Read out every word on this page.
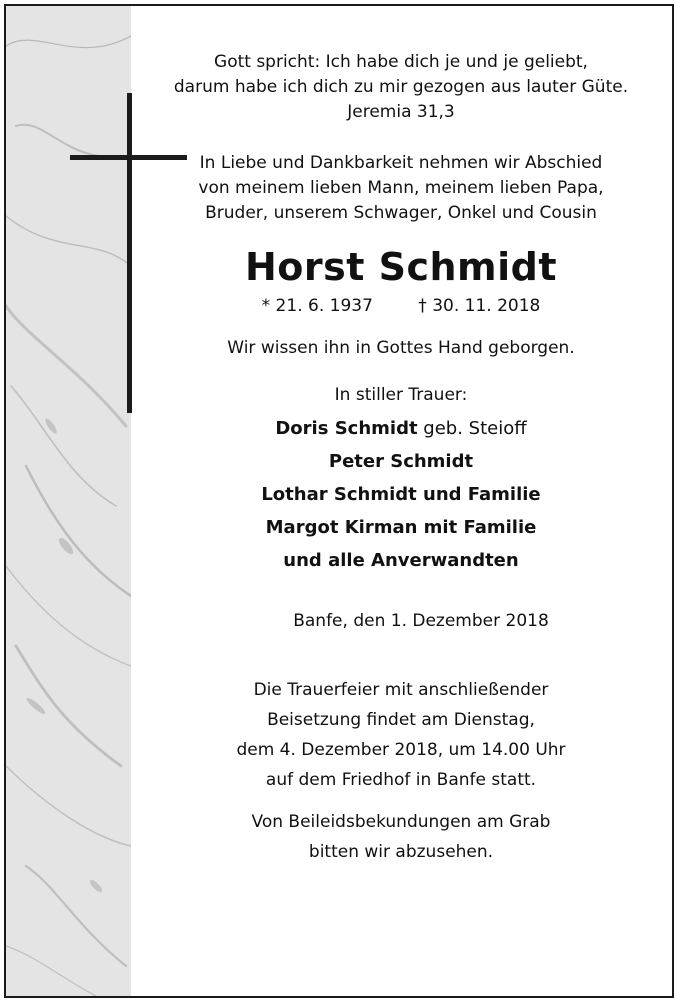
Gott spricht: Ich habe dich je und je geliebt,
darum habe ich dich zu mir gezogen aus lauter Güte.
Jeremia 31,3
In Liebe und Dankbarkeit nehmen wir Abschied
von meinem lieben Mann, meinem lieben Papa,
Bruder, unserem Schwager, Onkel und Cousin
Horst Schmidt
* 21. 6. 1937	† 30. 11. 2018
Wir wissen ihn in Gottes Hand geborgen.
In stiller Trauer:
Doris Schmidt geb. Steioff
Peter Schmidt
Lothar Schmidt und Familie
Margot Kirman mit Familie
und alle Anverwandten
Banfe, den 1. Dezember 2018
Die Trauerfeier mit anschließender
Beisetzung findet am Dienstag,
dem 4. Dezember 2018, um 14.00 Uhr
auf dem Friedhof in Banfe statt.
Von Beileidsbekundungen am Grab
bitten wir abzusehen.
